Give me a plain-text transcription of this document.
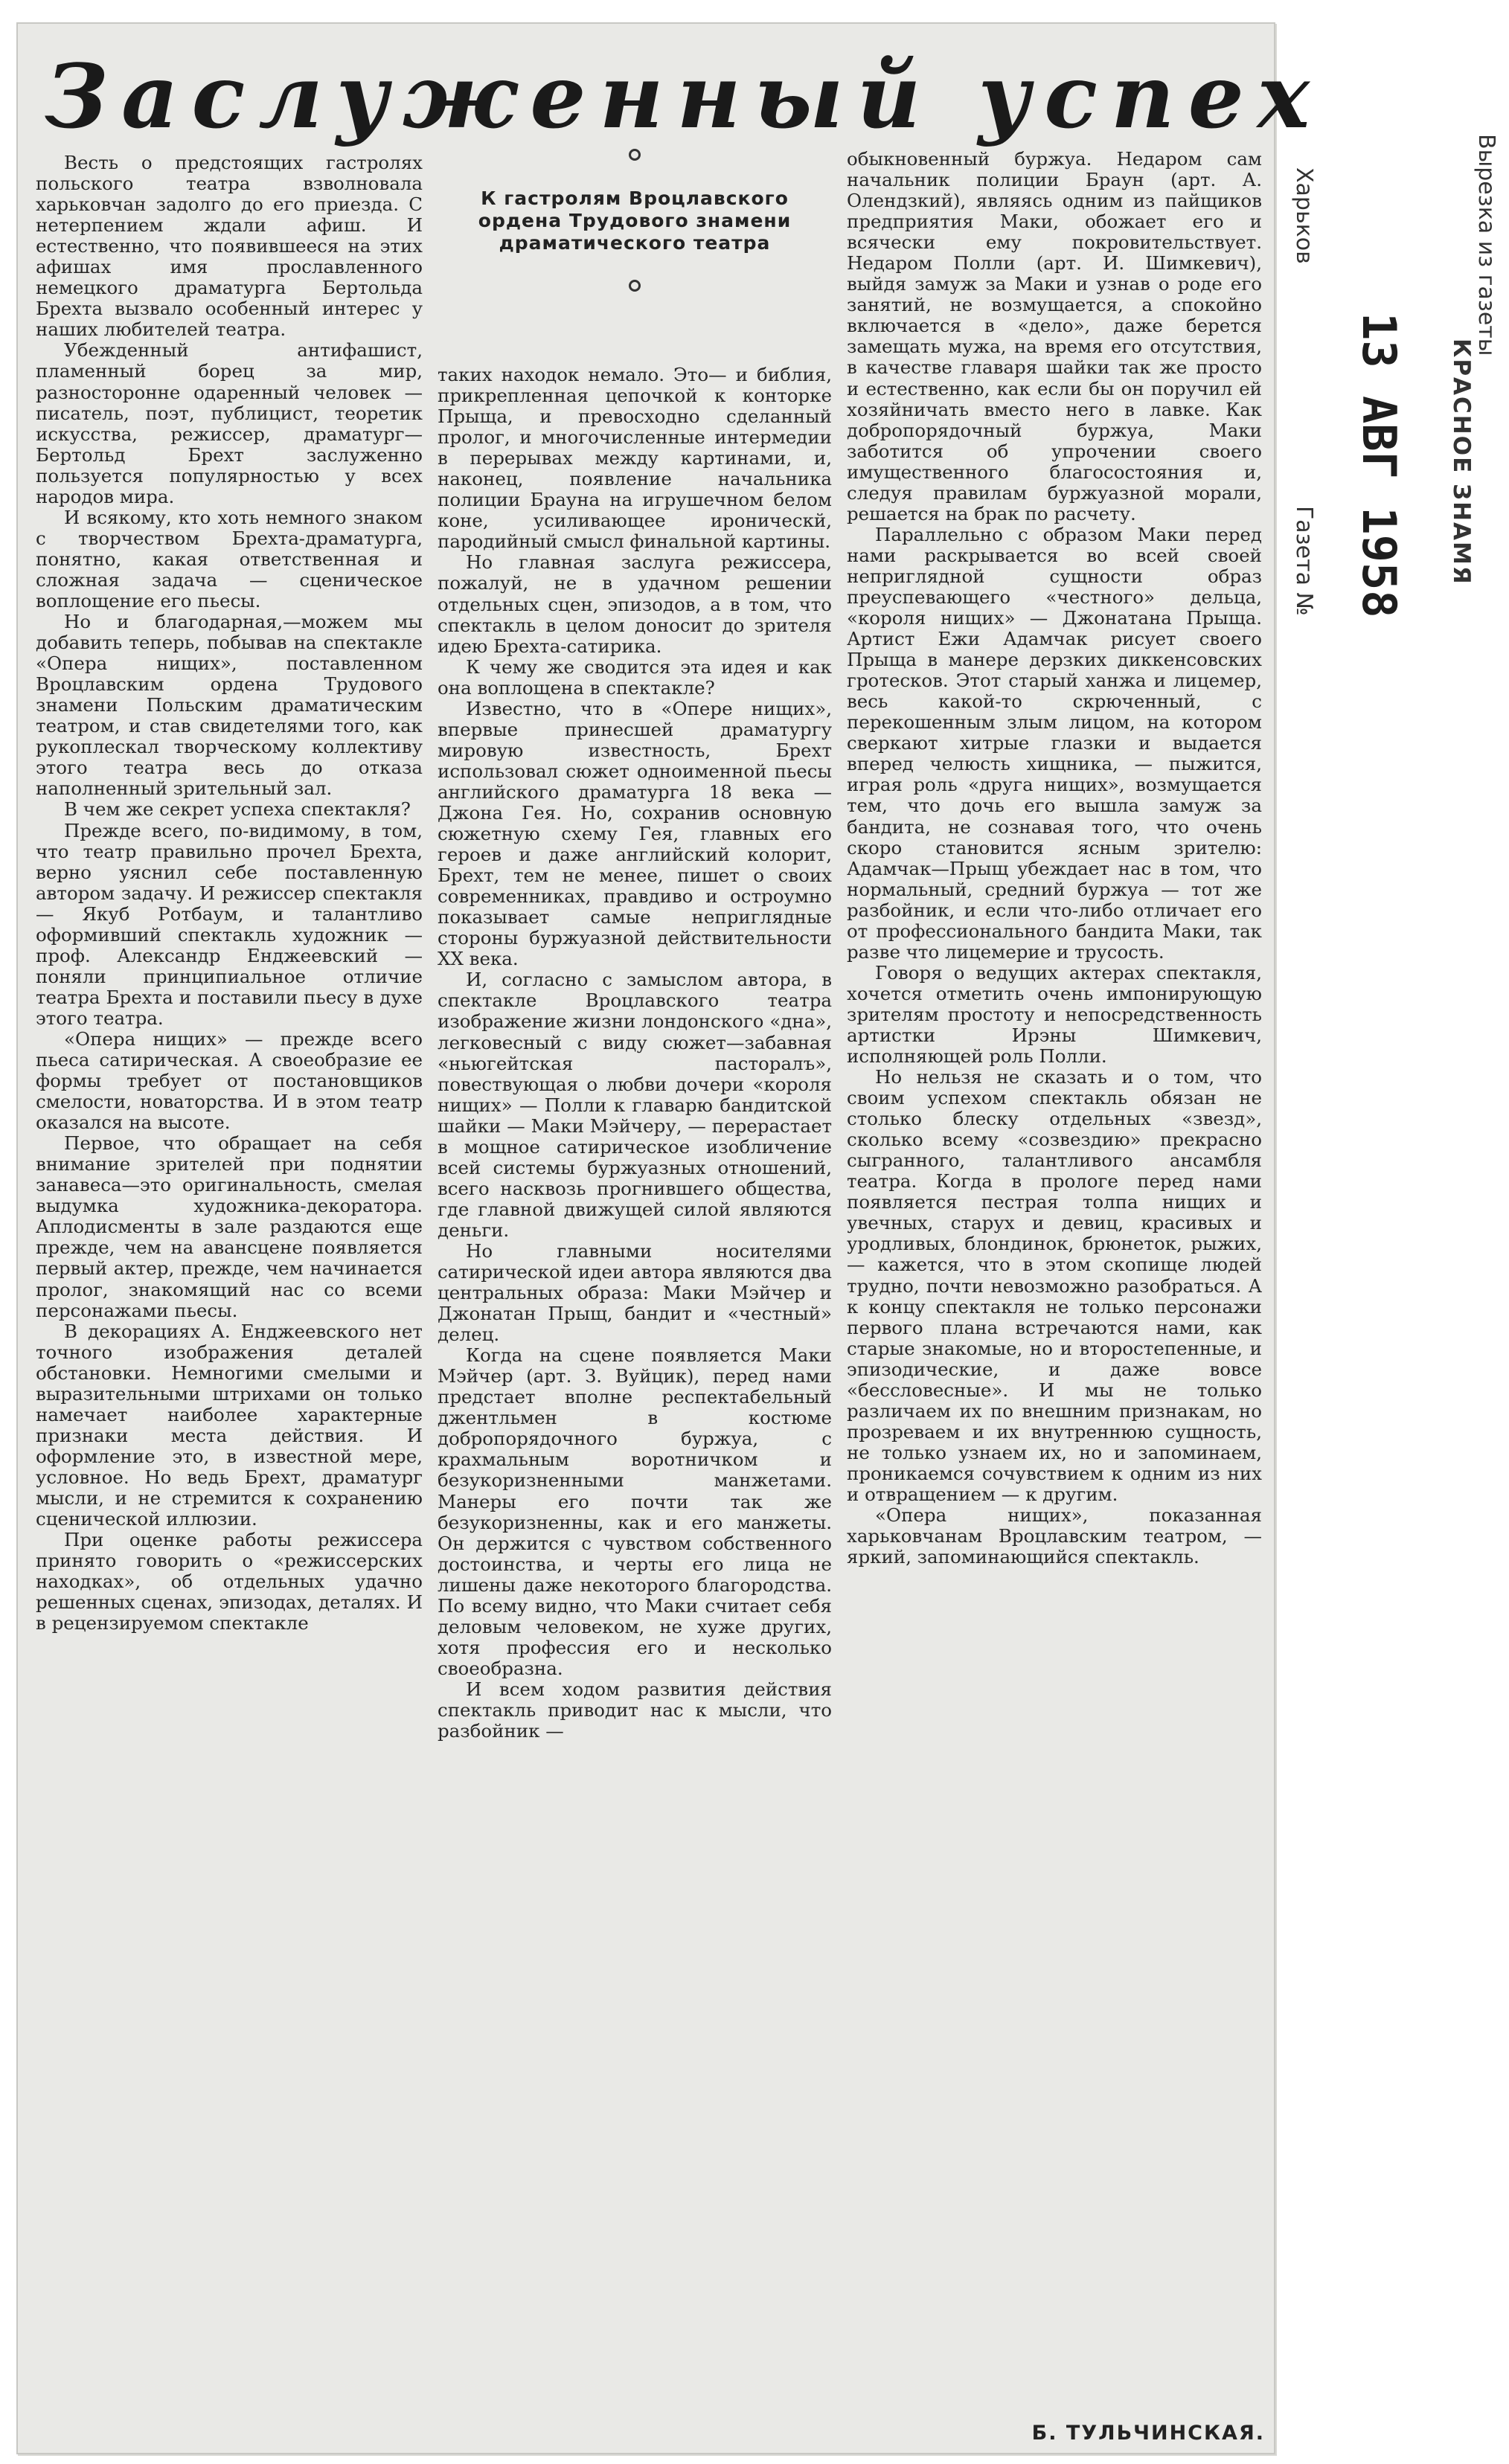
Заслуженный успех
К гастролям Вроцлавского ордена Трудового знамени драматического театра

Весть о предстоящих гастролях польского театра взволновала харьковчан задолго до его приезда. С нетерпением ждали афиш. И естественно, что появившееся на этих афишах имя прославленного немецкого драматурга Бертольда Брехта вызвало особенный интерес у наших любителей театра.

Убежденный антифашист, пламенный борец за мир, разносторонне одаренный человек — писатель, поэт, публицист, теоретик искусства, режиссер, драматург—Бертольд Брехт заслуженно пользуется популярностью у всех народов мира.

И всякому, кто хоть немного знаком с творчеством Брехта-драматурга, понятно, какая ответственная и сложная задача — сценическое воплощение его пьесы.

Но и благодарная,—можем мы добавить теперь, побывав на спектакле «Опера нищих», поставленном Вроцлавским ордена Трудового знамени Польским драматическим театром, и став свидетелями того, как рукоплескал творческому коллективу этого театра весь до отказа наполненный зрительный зал.

В чем же секрет успеха спектакля?

Прежде всего, по-видимому, в том, что театр правильно прочел Брехта, верно уяснил себе поставленную автором задачу. И режиссер спектакля — Якуб Ротбаум, и талантливо оформивший спектакль художник — проф. Александр Енджеевский — поняли принципиальное отличие театра Брехта и поставили пьесу в духе этого театра.

«Опера нищих» — прежде всего пьеса сатирическая. А своеобразие ее формы требует от постановщиков смелости, новаторства. И в этом театр оказался на высоте.

Первое, что обращает на себя внимание зрителей при поднятии занавеса—это оригинальность, смелая выдумка художника-декоратора. Аплодисменты в зале раздаются еще прежде, чем на авансцене появляется первый актер, прежде, чем начинается пролог, знакомящий нас со всеми персонажами пьесы.

В декорациях А. Енджеевского нет точного изображения деталей обстановки. Немногими смелыми и выразительными штрихами он только намечает наиболее характерные признаки места действия. И оформление это, в известной мере, условное. Но ведь Брехт, драматург мысли, и не стремится к сохранению сценической иллюзии.

При оценке работы режиссера принято говорить о «режиссерских находках», об отдельных удачно решенных сценах, эпизодах, деталях. И в рецензируемом спектакле

таких находок немало. Это— и библия, прикрепленная цепочкой к конторке Прыща, и превосходно сделанный пролог, и многочисленные интермедии в перерывах между картинами, и, наконец, появление начальника полиции Брауна на игрушечном белом коне, усиливающее ироническй, пародийный смысл финальной картины.

Но главная заслуга режиссера, пожалуй, не в удачном решении отдельных сцен, эпизодов, а в том, что спектакль в целом доносит до зрителя идею Брехта-сатирика.

К чему же сводится эта идея и как она воплощена в спектакле?

Известно, что в «Опере нищих», впервые принесшей драматургу мировую известность, Брехт использовал сюжет одноименной пьесы английского драматурга 18 века — Джона Гея. Но, сохранив основную сюжетную схему Гея, главных его героев и даже английский колорит, Брехт, тем не менее, пишет о своих современниках, правдиво и остроумно показывает самые неприглядные стороны буржуазной действительности XX века.

И, согласно с замыслом автора, в спектакле Вроцлавского театра изображение жизни лондонского «дна», легковесный с виду сюжет—забавная «ньюгейтская пасторалъ», повествующая о любви дочери «короля нищих» — Полли к главарю бандитской шайки — Маки Мэйчеру, — перерастает в мощное сатирическое изобличение всей системы буржуазных отношений, всего насквозь прогнившего общества, где главной движущей силой являются деньги.

Но главными носителями сатирической идеи автора являются два центральных образа: Маки Мэйчер и Джонатан Прыщ, бандит и «честный» делец.

Когда на сцене появляется Маки Мэйчер (арт. З. Вуйцик), перед нами предстает вполне респектабельный джентльмен в костюме добропорядочного буржуа, с крахмальным воротничком и безукоризненными манжетами. Манеры его почти так же безукоризненны, как и его манжеты. Он держится с чувством собственного достоинства, и черты его лица не лишены даже некоторого благородства. По всему видно, что Маки считает себя деловым человеком, не хуже других, хотя профессия его и несколько своеобразна.

И всем ходом развития действия спектакль приводит нас к мысли, что разбойник —

обыкновенный буржуа. Недаром сам начальник полиции Браун (арт. А. Олендзкий), являясь одним из пайщиков предприятия Маки, обожает его и всячески ему покровительствует. Недаром Полли (арт. И. Шимкевич), выйдя замуж за Маки и узнав о роде его занятий, не возмущается, а спокойно включается в «дело», даже берется замещать мужа, на время его отсутствия, в качестве главаря шайки так же просто и естественно, как если бы он поручил ей хозяйничать вместо него в лавке. Как добропорядочный буржуа, Маки заботится об упрочении своего имущественного благосостояния и, следуя правилам буржуазной морали, решается на брак по расчету.

Параллельно с образом Маки перед нами раскрывается во всей своей неприглядной сущности образ преуспевающего «честного» дельца, «короля нищих» — Джонатана Прыща. Артист Ежи Адамчак рисует своего Прыща в манере дерзких диккенсовских гротесков. Этот старый ханжа и лицемер, весь какой-то скрюченный, с перекошенным злым лицом, на котором сверкают хитрые глазки и выдается вперед челюсть хищника, — пыжится, играя роль «друга нищих», возмущается тем, что дочь его вышла замуж за бандита, не сознавая того, что очень скоро становится ясным зрителю: Адамчак—Прыщ убеждает нас в том, что нормальный, средний буржуа — тот же разбойник, и если что-либо отличает его от профессионального бандита Маки, так разве что лицемерие и трусость.

Говоря о ведущих актерах спектакля, хочется отметить очень импонирующую зрителям простоту и непосредственность артистки Ирэны Шимкевич, исполняющей роль Полли.

Но нельзя не сказать и о том, что своим успехом спектакль обязан не столько блеску отдельных «звезд», сколько всему «созвездию» прекрасно сыгранного, талантливого ансамбля театра. Когда в прологе перед нами появляется пестрая толпа нищих и увечных, старух и девиц, красивых и уродливых, блондинок, брюнеток, рыжих, — кажется, что в этом скопище людей трудно, почти невозможно разобраться. А к концу спектакля не только персонажи первого плана встречаются нами, как старые знакомые, но и второстепенные, и эпизодические, и даже вовсе «бессловесные». И мы не только различаем их по внешним признакам, но прозреваем и их внутреннюю сущность, не только узнаем их, но и запоминаем, проникаемся сочувствием к одним из них и отвращением — к другим.

«Опера нищих», показанная харьковчанам Вроцлавским театром, — яркий, запоминающийся спектакль.

Б. ТУЛЬЧИНСКАЯ.
Харьков	Вырезка из газеты
КРАСНОЕ ЗНАМЯ
Газета № 13 АВГ 1958
